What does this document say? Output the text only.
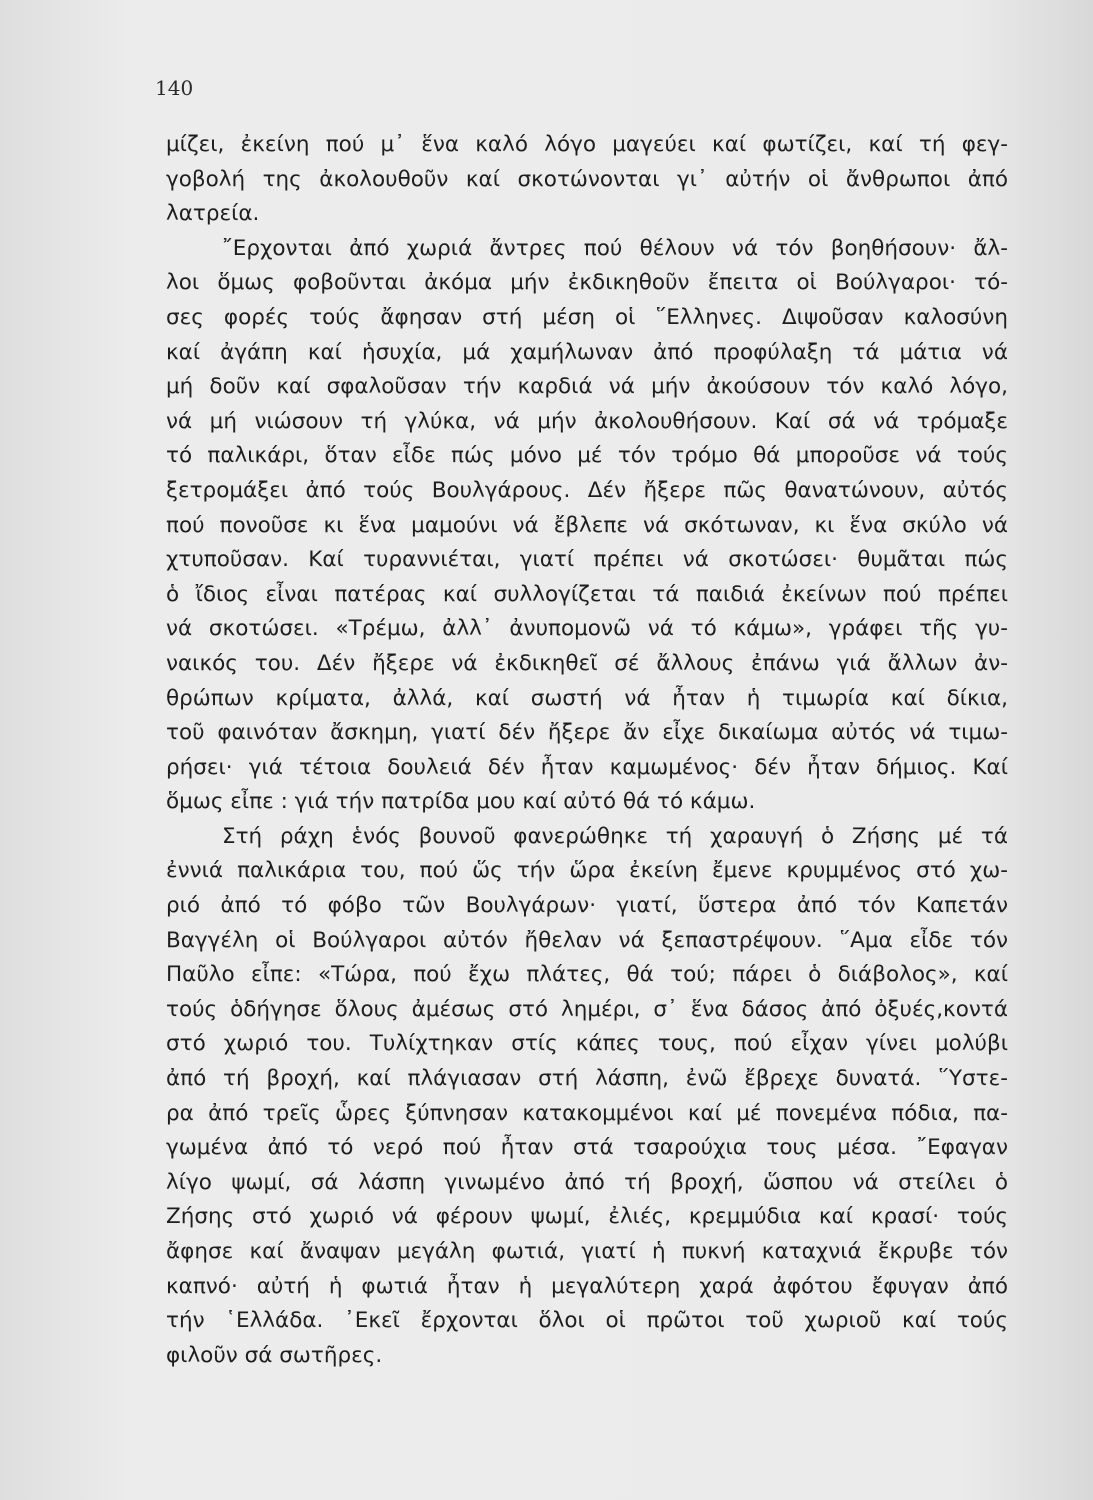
140
μίζει, ἐκείνη πού μ᾿ ἕνα καλό λόγο μαγεύει καί φωτίζει, καί τή φεγ-
γοβολή της ἀκολουθοῦν καί σκοτώνονται γι᾿ αὐτήν οἱ ἄνθρωποι ἀπό
λατρεία.
῎Ερχονται ἀπό χωριά ἄντρες πού θέλουν νά τόν βοηθήσουν· ἄλ-
λοι ὅμως φοβοῦνται ἀκόμα μήν ἐκδικηθοῦν ἔπειτα οἱ Βούλγαροι· τό-
σες φορές τούς ἄφησαν στή μέση οἱ ῞Ελληνες. Διψοῦσαν καλοσύνη
καί ἀγάπη καί ἡσυχία, μά χαμήλωναν ἀπό προφύλαξη τά μάτια νά
μή δοῦν καί σφαλοῦσαν τήν καρδιά νά μήν ἀκούσουν τόν καλό λόγο,
νά μή νιώσουν τή γλύκα, νά μήν ἀκολουθήσουν. Καί σά νά τρόμαξε
τό παλικάρι, ὅταν εἶδε πώς μόνο μέ τόν τρόμο θά μποροῦσε νά τούς
ξετρομάξει ἀπό τούς Βουλγάρους. Δέν ἤξερε πῶς θανατώνουν, αὐτός
πού πονοῦσε κι ἕνα μαμούνι νά ἔβλεπε νά σκότωναν, κι ἕνα σκύλο νά
χτυποῦσαν. Καί τυραννιέται, γιατί πρέπει νά σκοτώσει· θυμᾶται πώς
ὁ ἴδιος εἶναι πατέρας καί συλλογίζεται τά παιδιά ἐκείνων πού πρέπει
νά σκοτώσει. «Τρέμω, ἀλλ᾿ ἀνυπομονῶ νά τό κάμω», γράφει τῆς γυ-
ναικός του. Δέν ἤξερε νά ἐκδικηθεῖ σέ ἄλλους ἐπάνω γιά ἄλλων ἀν-
θρώπων κρίματα, ἀλλά, καί σωστή νά ἦταν ἡ τιμωρία καί δίκια,
τοῦ φαινόταν ἄσκημη, γιατί δέν ἤξερε ἄν εἶχε δικαίωμα αὐτός νά τιμω-
ρήσει· γιά τέτοια δουλειά δέν ἦταν καμωμένος· δέν ἦταν δήμιος. Καί
ὅμως εἶπε : γιά τήν πατρίδα μου καί αὐτό θά τό κάμω.
Στή ράχη ἑνός βουνοῦ φανερώθηκε τή χαραυγή ὁ Ζήσης μέ τά
ἐννιά παλικάρια του, πού ὥς τήν ὥρα ἐκείνη ἔμενε κρυμμένος στό χω-
ριό ἀπό τό φόβο τῶν Βουλγάρων· γιατί, ὕστερα ἀπό τόν Καπετάν
Βαγγέλη οἱ Βούλγαροι αὐτόν ἤθελαν νά ξεπαστρέψουν. ῞Αμα εἶδε τόν
Παῦλο εἶπε: «Τώρα, πού ἔχω πλάτες, θά τού; πάρει ὁ διάβολος», καί
τούς ὁδήγησε ὅλους ἀμέσως στό λημέρι, σ᾿ ἕνα δάσος ἀπό ὀξυές,κοντά
στό χωριό του. Τυλίχτηκαν στίς κάπες τους, πού εἶχαν γίνει μολύβι
ἀπό τή βροχή, καί πλάγιασαν στή λάσπη, ἐνῶ ἔβρεχε δυνατά. ῞Υστε-
ρα ἀπό τρεῖς ὧρες ξύπνησαν κατακομμένοι καί μέ πονεμένα πόδια, πα-
γωμένα ἀπό τό νερό πού ἦταν στά τσαρούχια τους μέσα. ῎Εφαγαν
λίγο ψωμί, σά λάσπη γινωμένο ἀπό τή βροχή, ὥσπου νά στείλει ὁ
Ζήσης στό χωριό νά φέρουν ψωμί, ἐλιές, κρεμμύδια καί κρασί· τούς
ἄφησε καί ἄναψαν μεγάλη φωτιά, γιατί ἡ πυκνή καταχνιά ἔκρυβε τόν
καπνό· αὐτή ἡ φωτιά ἦταν ἡ μεγαλύτερη χαρά ἀφότου ἔφυγαν ἀπό
τήν ῾Ελλάδα. ᾿Εκεῖ ἔρχονται ὅλοι οἱ πρῶτοι τοῦ χωριοῦ καί τούς
φιλοῦν σά σωτῆρες.
